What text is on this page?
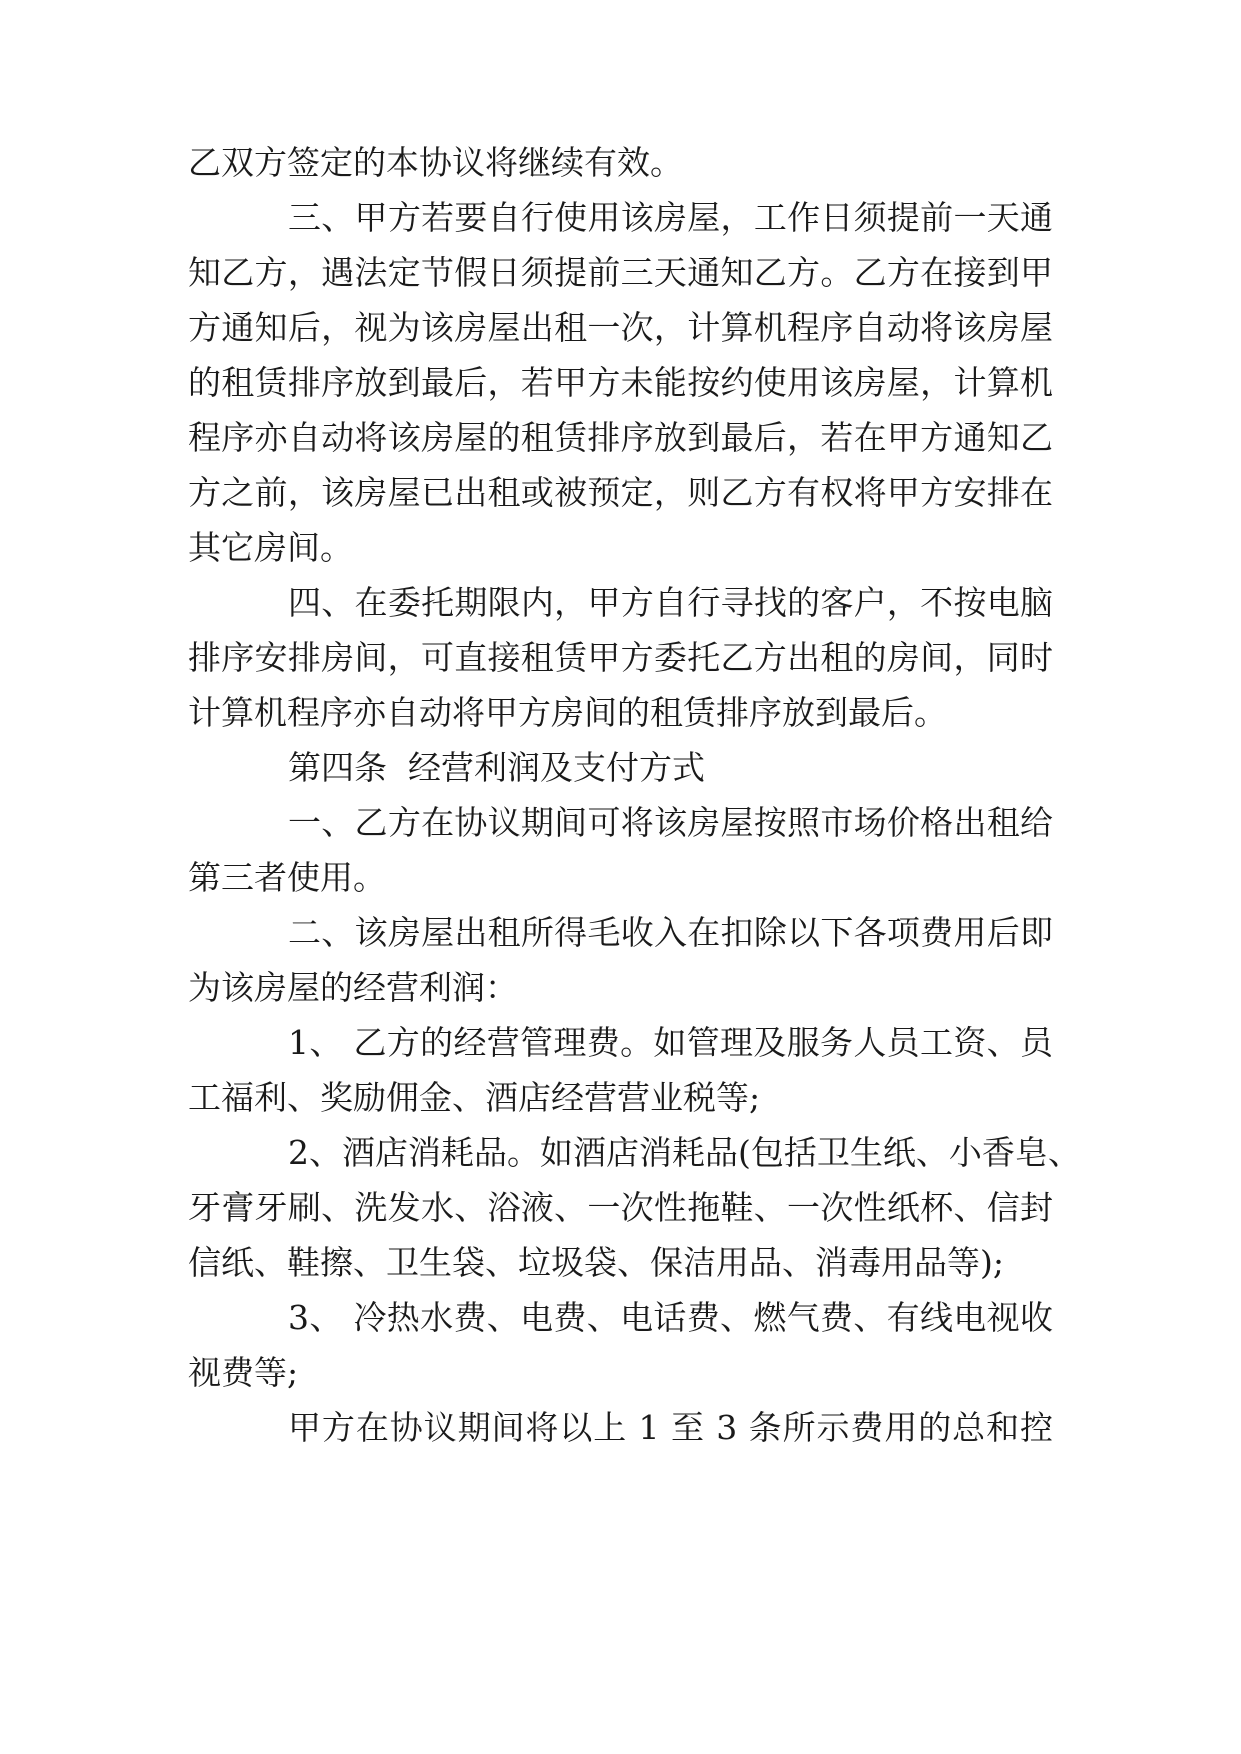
乙双方签定的本协议将继续有效。
三、甲方若要自行使用该房屋，工作日须提前一天通
知乙方，遇法定节假日须提前三天通知乙方。乙方在接到甲
方通知后，视为该房屋出租一次，计算机程序自动将该房屋
的租赁排序放到最后，若甲方未能按约使用该房屋，计算机
程序亦自动将该房屋的租赁排序放到最后，若在甲方通知乙
方之前，该房屋已出租或被预定，则乙方有权将甲方安排在
其它房间。
四、在委托期限内，甲方自行寻找的客户，不按电脑
排序安排房间，可直接租赁甲方委托乙方出租的房间，同时
计算机程序亦自动将甲方房间的租赁排序放到最后。
第四条  经营利润及支付方式
一、乙方在协议期间可将该房屋按照市场价格出租给
第三者使用。
二、该房屋出租所得毛收入在扣除以下各项费用后即
为该房屋的经营利润：
1、 乙方的经营管理费。如管理及服务人员工资、员
工福利、奖励佣金、酒店经营营业税等;
2、酒店消耗品。如酒店消耗品(包括卫生纸、小香皂、
牙膏牙刷、洗发水、浴液、一次性拖鞋、一次性纸杯、信封
信纸、鞋擦、卫生袋、垃圾袋、保洁用品、消毒用品等);
3、 冷热水费、电费、电话费、燃气费、有线电视收
视费等;
甲方在协议期间将以上 1 至 3 条所示费用的总和控
